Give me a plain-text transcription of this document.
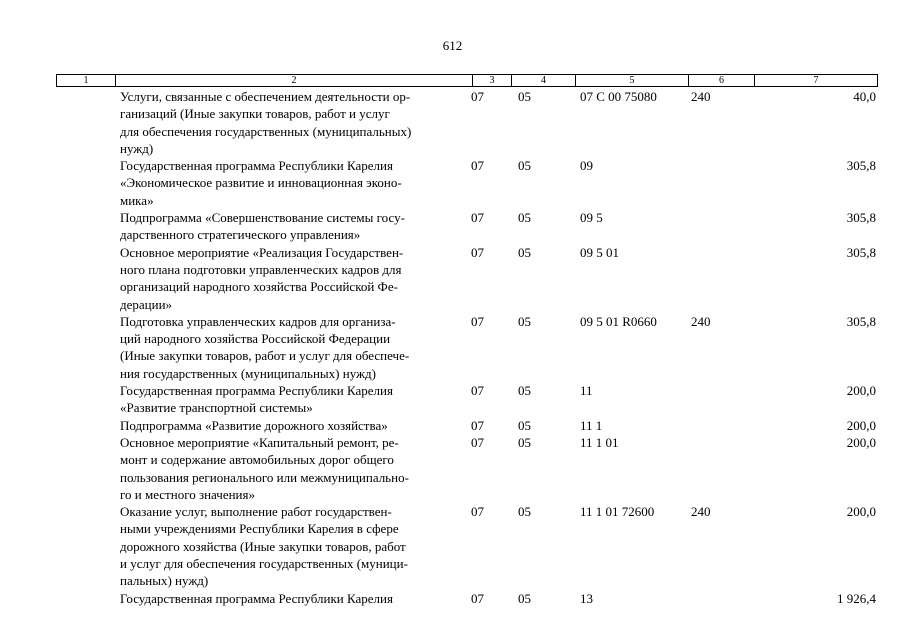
612
1	2	3	4	5	6	7
Услуги, связанные с обеспечением деятельности ор-
ганизаций (Иные закупки товаров, работ и услуг
для обеспечения государственных (муниципальных)
нужд)
07	05	07 С 00 75080	240	40,0
Государственная программа Республики Карелия
«Экономическое развитие и инновационная эконо-
мика»
07	05	09	305,8
Подпрограмма «Совершенствование системы госу-
дарственного стратегического управления»
07	05	09 5	305,8
Основное мероприятие «Реализация Государствен-
ного плана подготовки управленческих кадров для
организаций народного хозяйства Российской Фе-
дерации»
07	05	09 5 01	305,8
Подготовка управленческих кадров для организа-
ций народного хозяйства Российской Федерации
(Иные закупки товаров, работ и услуг для обеспече-
ния государственных (муниципальных) нужд)
07	05	09 5 01 R0660	240	305,8
Государственная программа Республики Карелия
«Развитие транспортной системы»
07	05	11	200,0
Подпрограмма «Развитие дорожного хозяйства»	07	05	11 1	200,0
Основное мероприятие «Капитальный ремонт, ре-
монт и содержание автомобильных дорог общего
пользования регионального или межмуниципально-
го и местного значения»
07	05	11 1 01	200,0
Оказание услуг, выполнение работ государствен-
ными учреждениями Республики Карелия в сфере
дорожного хозяйства (Иные закупки товаров, работ
и услуг для обеспечения государственных (муници-
пальных) нужд)
07	05	11 1 01 72600	240	200,0
Государственная программа Республики Карелия	07	05	13	1 926,4
